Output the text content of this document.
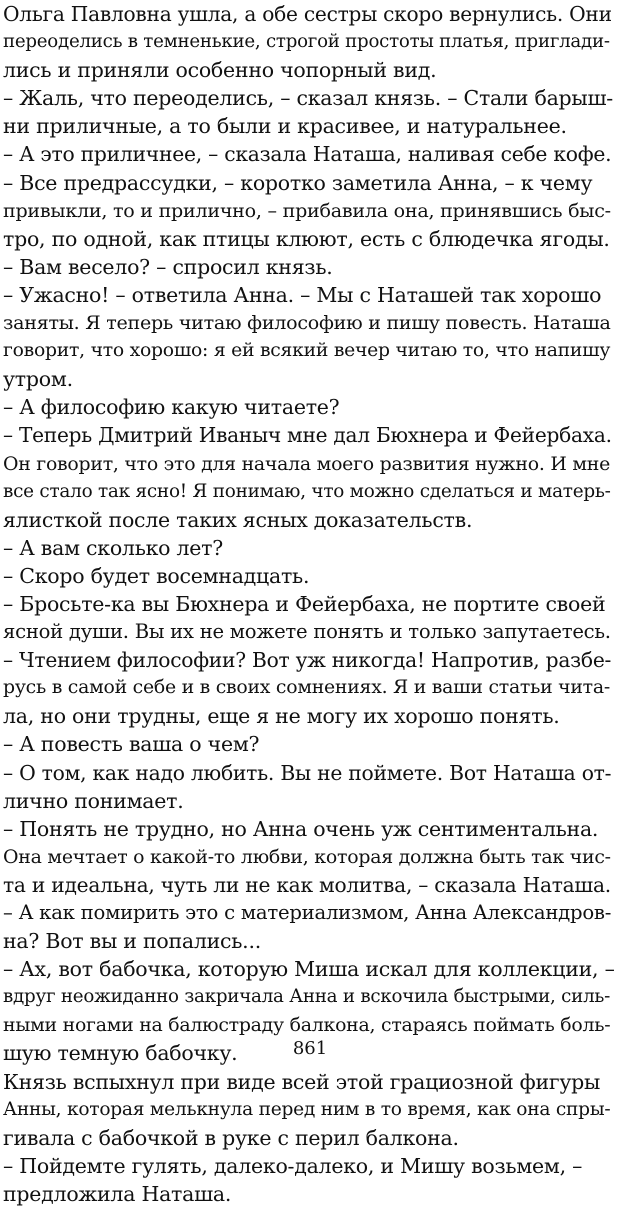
Ольга Павловна ушла, а обе сестры скоро вернулись. Они
переоделись в темненькие, строгой простоты платья, приглади-
лись и приняли особенно чопорный вид.
– Жаль, что переоделись, – сказал князь. – Стали барыш-
ни приличные, а то были и красивее, и натуральнее.
– А это приличнее, – сказала Наташа, наливая себе кофе.
– Все предрассудки, – коротко заметила Анна, – к чему
привыкли, то и прилично, – прибавила она, принявшись быс-
тро, по одной, как птицы клюют, есть с блюдечка ягоды.
– Вам весело? – спросил князь.
– Ужасно! – ответила Анна. – Мы с Наташей так хорошо
заняты. Я теперь читаю философию и пишу повесть. Наташа
говорит, что хорошо: я ей всякий вечер читаю то, что напишу
утром.
– А философию какую читаете?
– Теперь Дмитрий Иваныч мне дал Бюхнера и Фейербаха.
Он говорит, что это для начала моего развития нужно. И мне
все стало так ясно! Я понимаю, что можно сделаться и матерь-
ялисткой после таких ясных доказательств.
– А вам сколько лет?
– Скоро будет восемнадцать.
– Бросьте-ка вы Бюхнера и Фейербаха, не портите своей
ясной души. Вы их не можете понять и только запутаетесь.
– Чтением философии? Вот уж никогда! Напротив, разбе-
русь в самой себе и в своих сомнениях. Я и ваши статьи чита-
ла, но они трудны, еще я не могу их хорошо понять.
– А повесть ваша о чем?
– О том, как надо любить. Вы не поймете. Вот Наташа от-
лично понимает.
– Понять не трудно, но Анна очень уж сентиментальна.
Она мечтает о какой-то любви, которая должна быть так чис-
та и идеальна, чуть ли не как молитва, – сказала Наташа.
– А как помирить это с материализмом, Анна Александров-
на? Вот вы и попались...
– Ах, вот бабочка, которую Миша искал для коллекции, –
вдруг неожиданно закричала Анна и вскочила быстрыми, силь-
ными ногами на балюстраду балкона, стараясь поймать боль-
шую темную бабочку.
Князь вспыхнул при виде всей этой грациозной фигуры
Анны, которая мелькнула перед ним в то время, как она спры-
гивала с бабочкой в руке с перил балкона.
– Пойдемте гулять, далеко-далеко, и Мишу возьмем, –
предложила Наташа.
861
